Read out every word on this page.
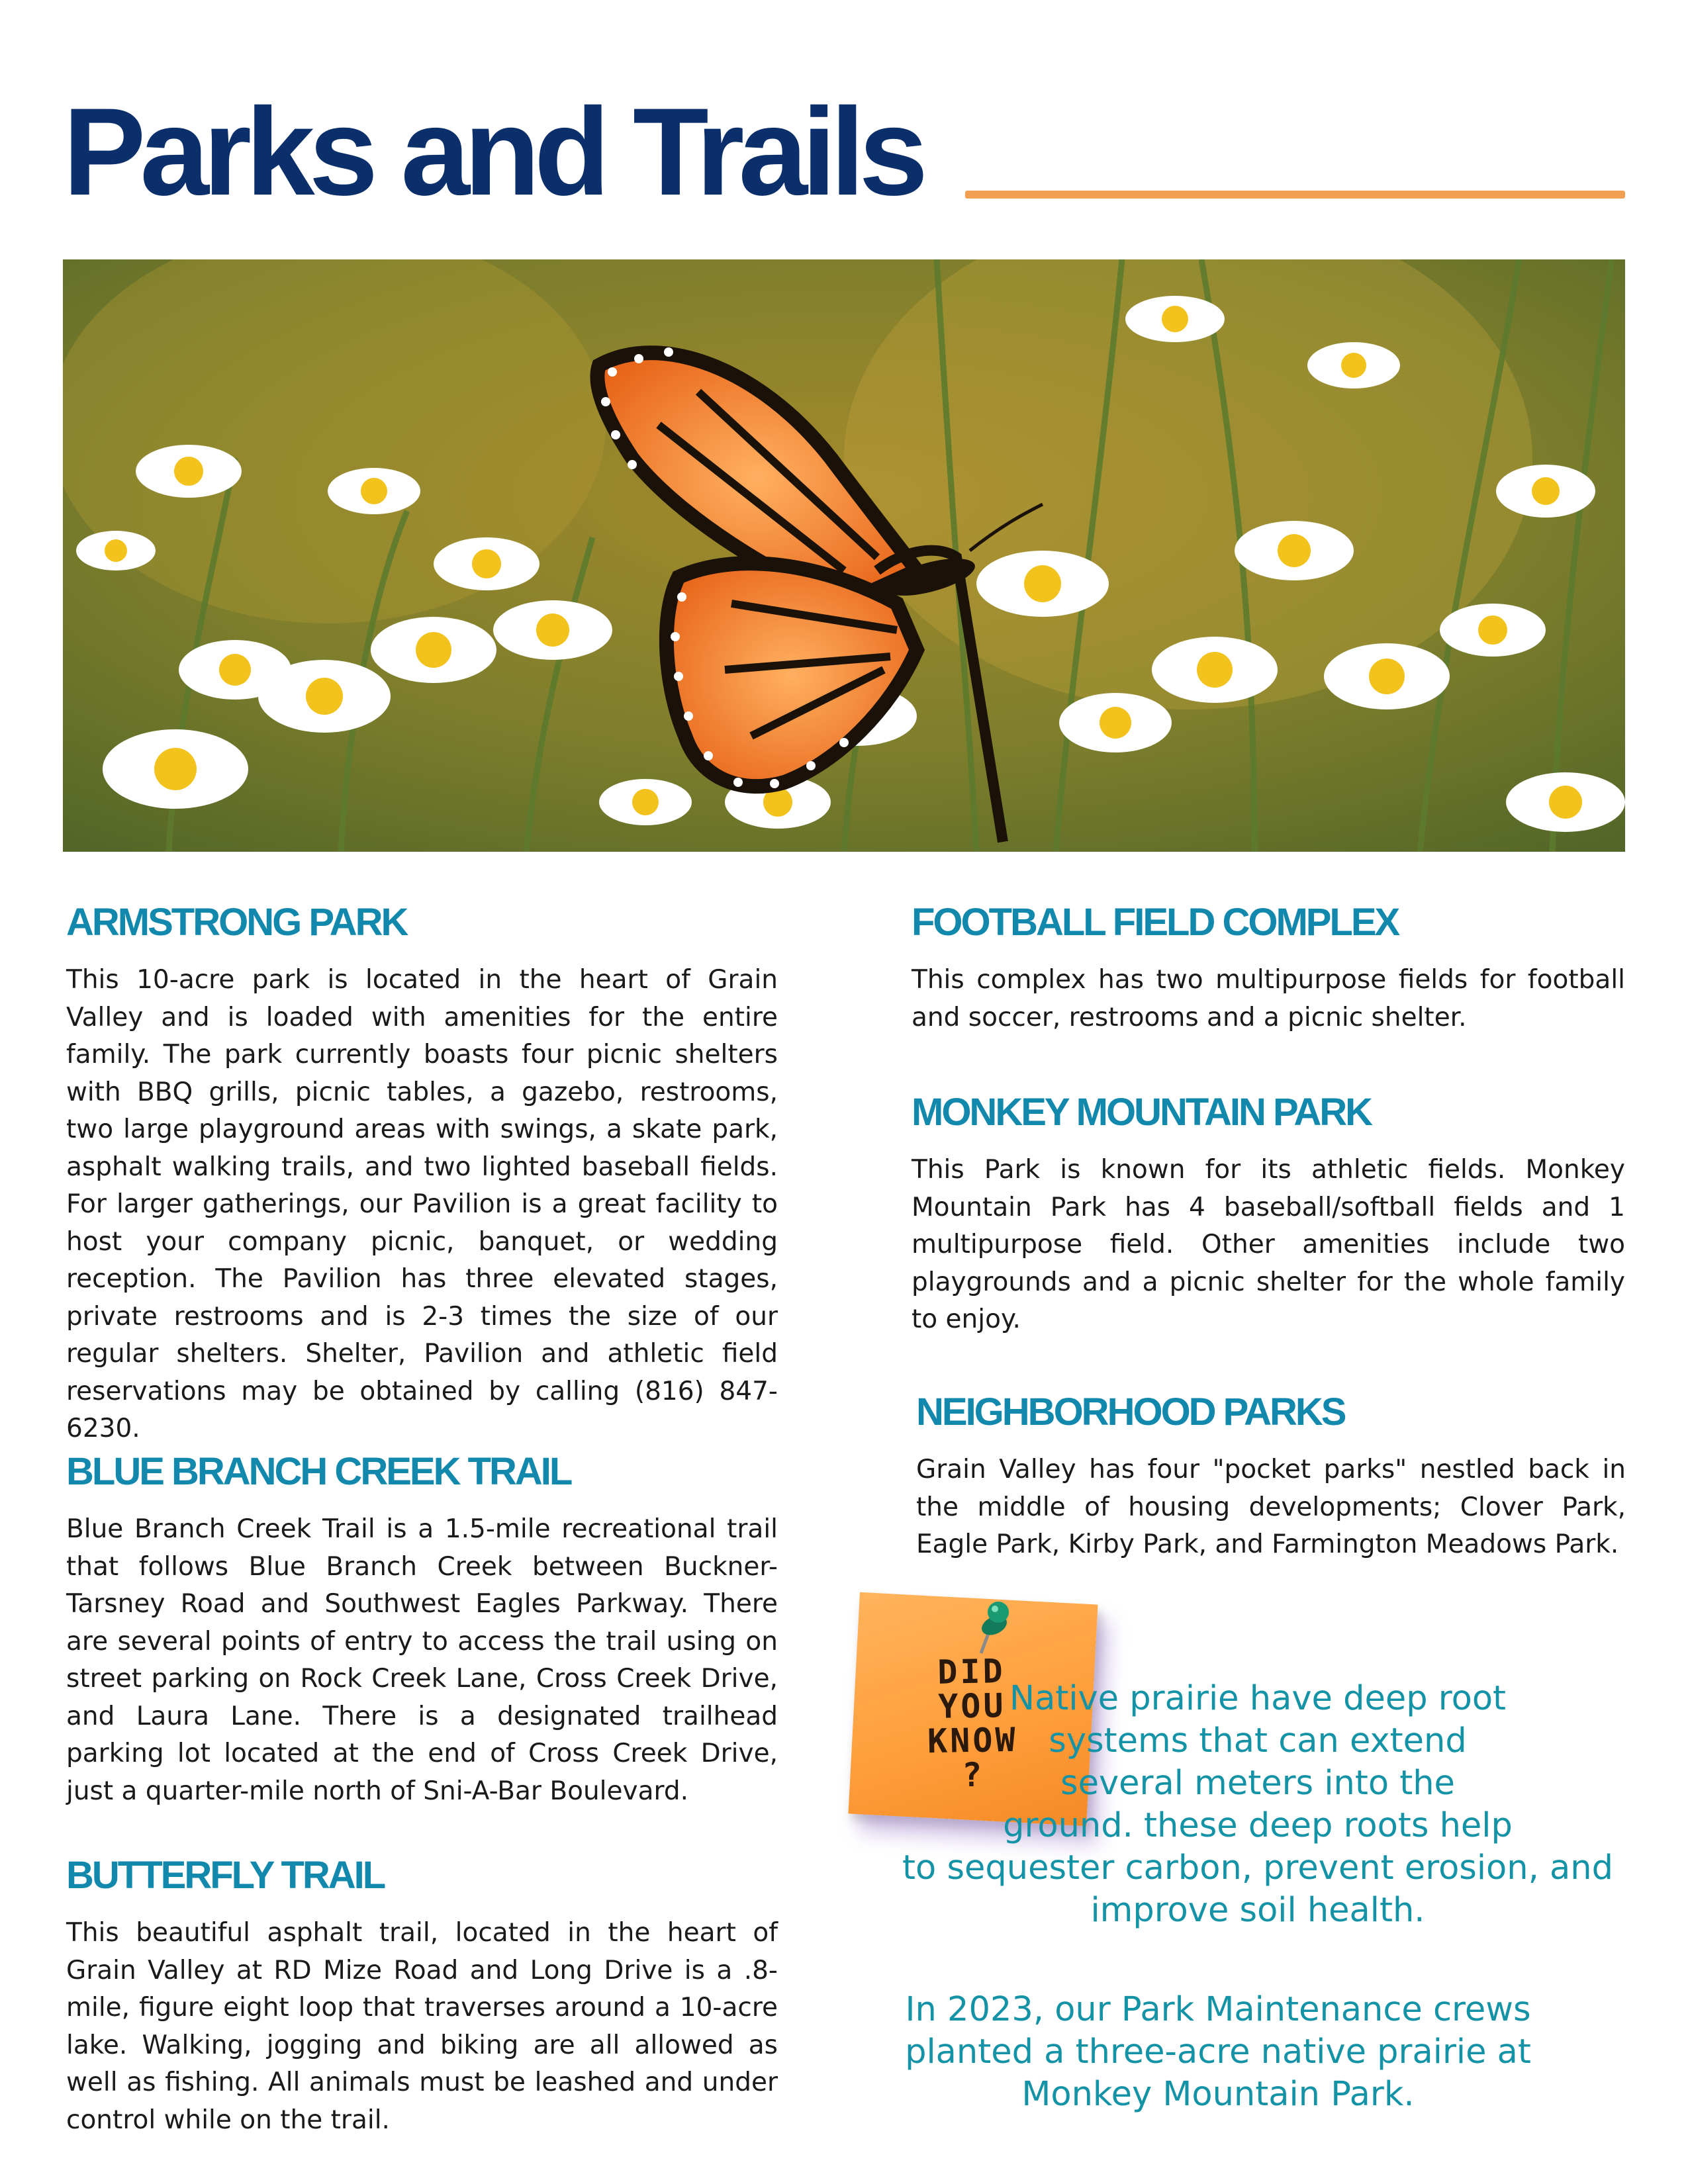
Parks and Trails
ARMSTRONG PARK

This 10-acre park is located in the heart of Grain Valley and is loaded with amenities for the entire family. The park currently boasts four picnic shelters with BBQ grills, picnic tables, a gazebo, restrooms, two large playground areas with swings, a skate park, asphalt walking trails, and two lighted baseball fields. For larger gatherings, our Pavilion is a great facility to host your company picnic, banquet, or wedding reception. The Pavilion has three elevated stages, private restrooms and is 2-3 times the size of our regular shelters. Shelter, Pavilion and athletic field reservations may be obtained by calling (816) 847-6230.

BLUE BRANCH CREEK TRAIL

Blue Branch Creek Trail is a 1.5-mile recreational trail that follows Blue Branch Creek between Buckner-Tarsney Road and Southwest Eagles Parkway. There are several points of entry to access the trail using on street parking on Rock Creek Lane, Cross Creek Drive, and Laura Lane. There is a designated trailhead parking lot located at the end of Cross Creek Drive, just a quarter-mile north of Sni-A-Bar Boulevard.

BUTTERFLY TRAIL

This beautiful asphalt trail, located in the heart of Grain Valley at RD Mize Road and Long Drive is a .8-mile, figure eight loop that traverses around a 10-acre lake. Walking, jogging and biking are all allowed as well as fishing. All animals must be leashed and under control while on the trail.

FOOTBALL FIELD COMPLEX

This complex has two multipurpose fields for football and soccer, restrooms and a picnic shelter.

MONKEY MOUNTAIN PARK

This Park is known for its athletic fields. Monkey Mountain Park has 4 baseball/softball fields and 1 multipurpose field. Other amenities include two playgrounds and a picnic shelter for the whole family to enjoy.

NEIGHBORHOOD PARKS

Grain Valley has four "pocket parks" nestled back in the middle of housing developments; Clover Park, Eagle Park, Kirby Park, and Farmington Meadows Park.

DID
YOU
KNOW
?
Native prairie have deep root
systems that can extend
several meters into the
ground. these deep roots help
to sequester carbon, prevent erosion, and
improve soil health.
In 2023, our Park Maintenance crews
planted a three-acre native prairie at
Monkey Mountain Park.
